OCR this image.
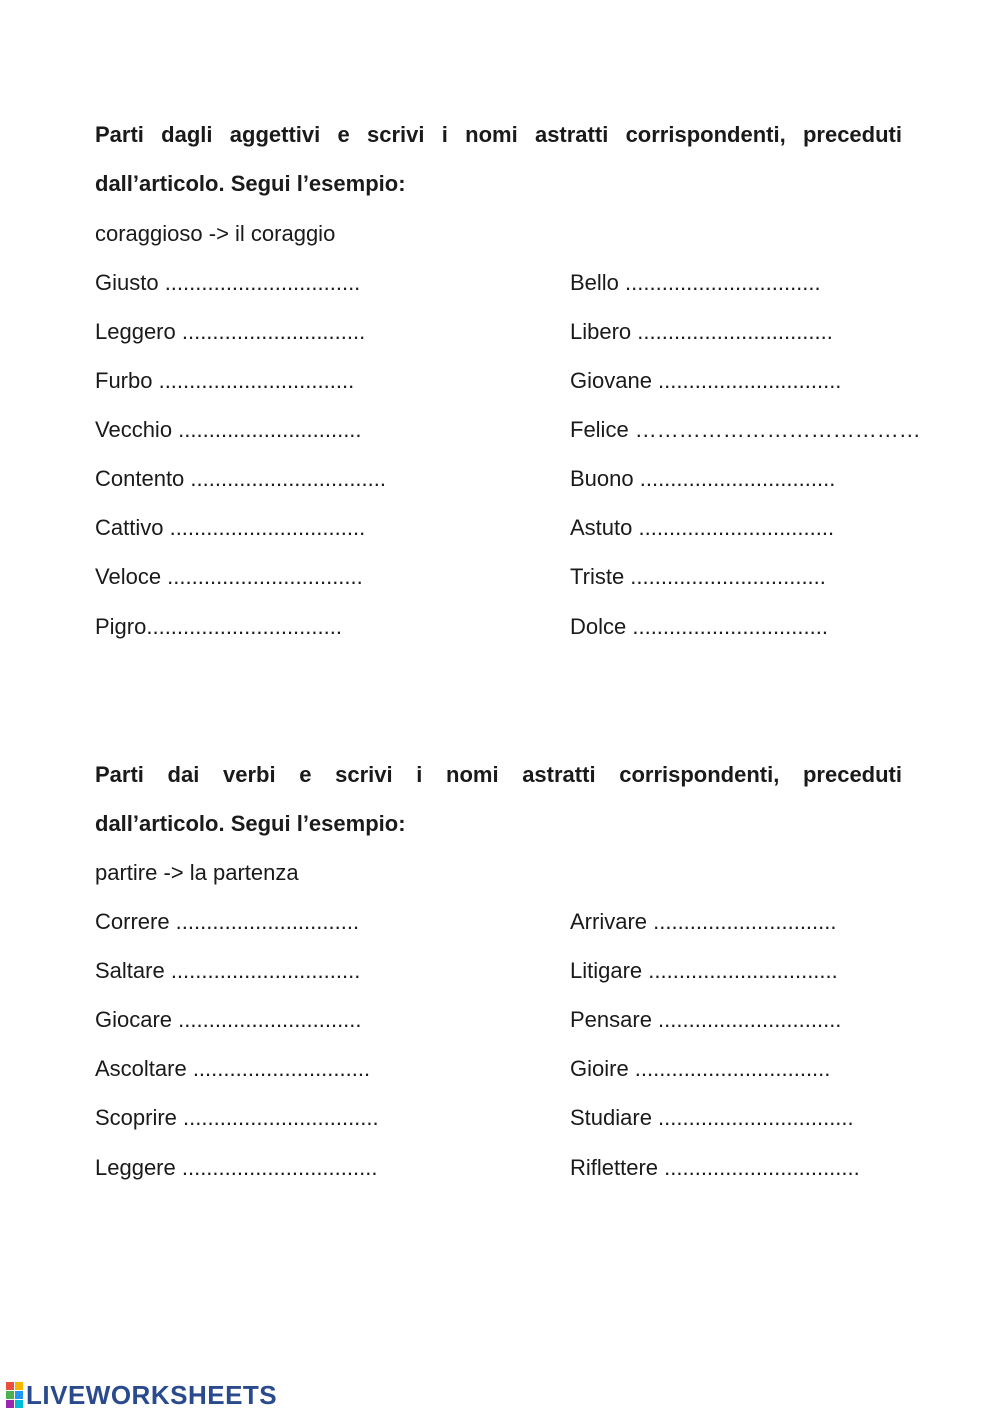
Parti dagli aggettivi e scrivi i nomi astratti corrispondenti, preceduti
dall’articolo. Segui l’esempio:
coraggioso -> il coraggio
Giusto ................................
Leggero ..............................
Furbo ................................
Vecchio ..............................
Contento ................................
Cattivo ................................
Veloce ................................
Pigro................................
Bello ................................
Libero ................................
Giovane ..............................
Felice …………………………………
Buono ................................
Astuto ................................
Triste ................................
Dolce ................................
Parti dai verbi e scrivi i nomi astratti corrispondenti, preceduti
dall’articolo. Segui l’esempio:
partire -> la partenza
Correre ..............................
Saltare ...............................
Giocare ..............................
Ascoltare .............................
Scoprire ................................
Leggere ................................
Arrivare ..............................
Litigare ...............................
Pensare ..............................
Gioire ................................
Studiare ................................
Riflettere ................................
LIVEWORKSHEETS
